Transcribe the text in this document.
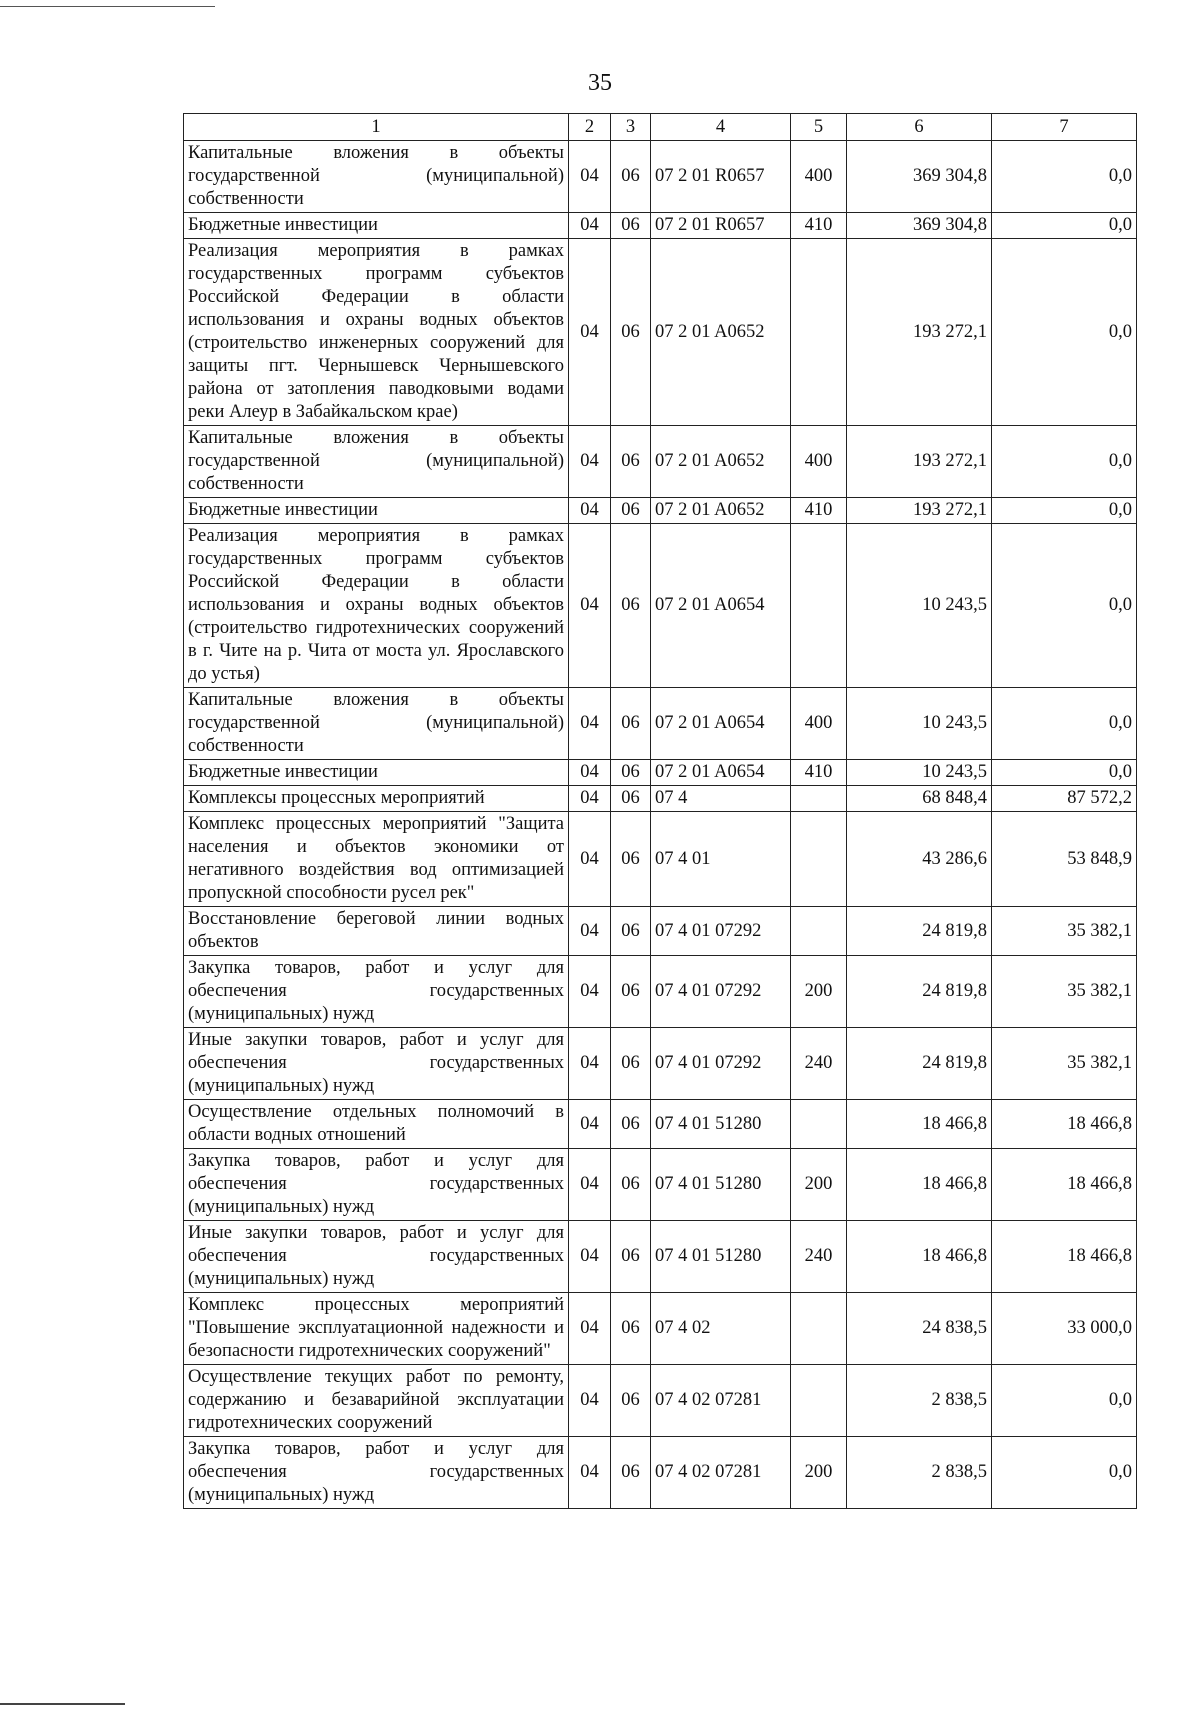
35
1	2	3	4	5	6	7
Капитальные вложения в объекты государственной (муниципальной) собственности	04	06	07 2 01 R0657	400	369 304,8	0,0
Бюджетные инвестиции	04	06	07 2 01 R0657	410	369 304,8	0,0
Реализация мероприятия в рамках государственных программ субъектов Российской Федерации в области использования и охраны водных объектов (строительство инженерных сооружений для защиты пгт. Чернышевск Чернышевского района от затопления паводковыми водами реки Алеур в Забайкальском крае)	04	06	07 2 01 A0652		193 272,1	0,0
Капитальные вложения в объекты государственной (муниципальной) собственности	04	06	07 2 01 A0652	400	193 272,1	0,0
Бюджетные инвестиции	04	06	07 2 01 A0652	410	193 272,1	0,0
Реализация мероприятия в рамках государственных программ субъектов Российской Федерации в области использования и охраны водных объектов (строительство гидротехнических сооружений в г. Чите на р. Чита от моста ул. Ярославского до устья)	04	06	07 2 01 A0654		10 243,5	0,0
Капитальные вложения в объекты государственной (муниципальной) собственности	04	06	07 2 01 A0654	400	10 243,5	0,0
Бюджетные инвестиции	04	06	07 2 01 A0654	410	10 243,5	0,0
Комплексы процессных мероприятий	04	06	07 4		68 848,4	87 572,2
Комплекс процессных мероприятий "Защита населения и объектов экономики от негативного воздействия вод оптимизацией пропускной способности русел рек"	04	06	07 4 01		43 286,6	53 848,9
Восстановление береговой линии водных объектов	04	06	07 4 01 07292		24 819,8	35 382,1
Закупка товаров, работ и услуг для обеспечения государственных (муниципальных) нужд	04	06	07 4 01 07292	200	24 819,8	35 382,1
Иные закупки товаров, работ и услуг для обеспечения государственных (муниципальных) нужд	04	06	07 4 01 07292	240	24 819,8	35 382,1
Осуществление отдельных полномочий в области водных отношений	04	06	07 4 01 51280		18 466,8	18 466,8
Закупка товаров, работ и услуг для обеспечения государственных (муниципальных) нужд	04	06	07 4 01 51280	200	18 466,8	18 466,8
Иные закупки товаров, работ и услуг для обеспечения государственных (муниципальных) нужд	04	06	07 4 01 51280	240	18 466,8	18 466,8
Комплекс процессных мероприятий "Повышение эксплуатационной надежности и безопасности гидротехнических сооружений"	04	06	07 4 02		24 838,5	33 000,0
Осуществление текущих работ по ремонту, содержанию и безаварийной эксплуатации гидротехнических сооружений	04	06	07 4 02 07281		2 838,5	0,0
Закупка товаров, работ и услуг для обеспечения государственных (муниципальных) нужд	04	06	07 4 02 07281	200	2 838,5	0,0
